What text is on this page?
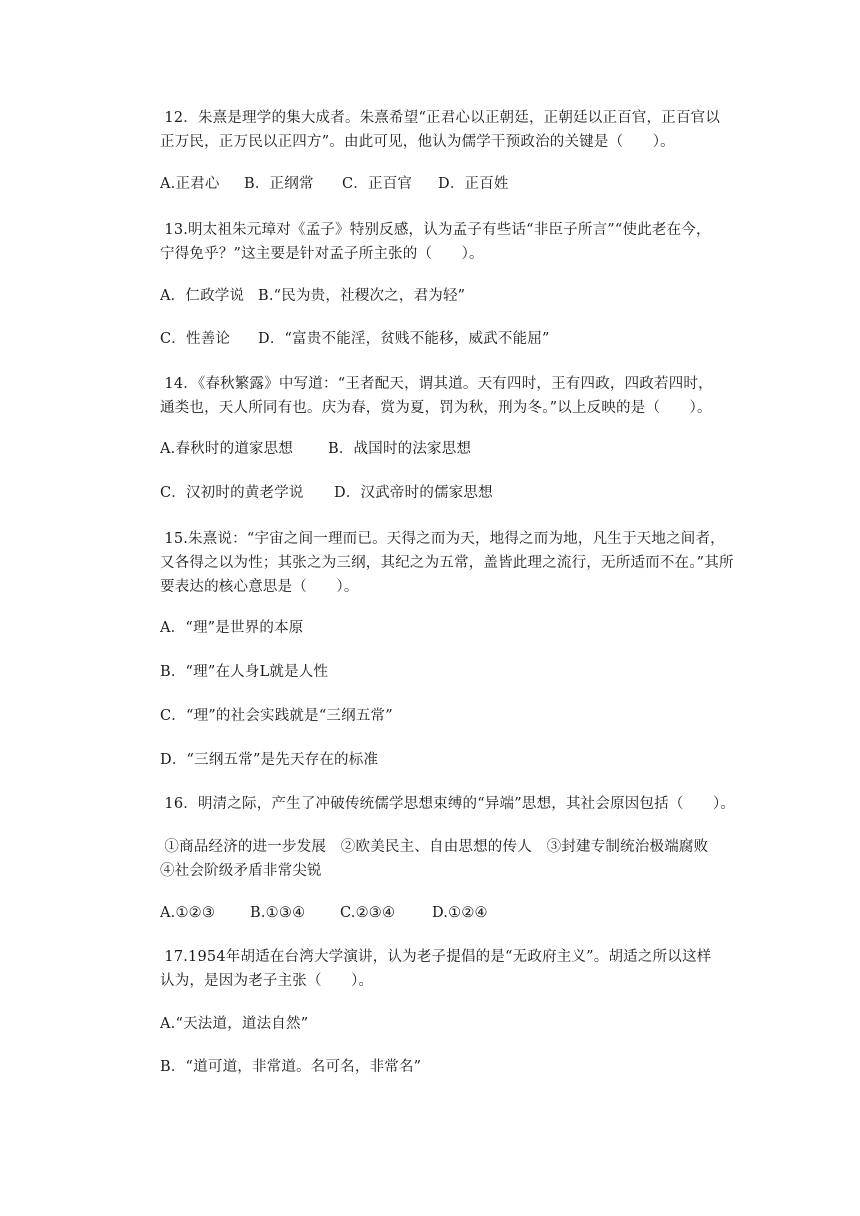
　　12．朱熹是理学的集大成者。朱熹希望“正君心以正朝廷，正朝廷以正百官，正百官以
正万民，正万民以正四方”。由此可见，他认为儒学干预政治的关键是（　　）。
A.正君心 B．正纲常 C．正百官 D．正百姓
　　13.明太祖朱元璋对《孟子》特别反感，认为孟子有些话“非臣子所言”“使此老在今，
宁得免乎？”这主要是针对孟子所主张的（　　）。
A．仁政学说 B.“民为贵，社稷次之，君为轻”
C．性善论 D．“富贵不能淫，贫贱不能移，威武不能屈”
　　14．《春秋繁露》中写道：“王者配天，谓其道。天有四时，王有四政，四政若四时，
通类也，天人所同有也。庆为春，赏为夏，罚为秋，刑为冬。”以上反映的是（　　）。
A.春秋时的道家思想 B．战国时的法家思想
C．汉初时的黄老学说 D．汉武帝时的儒家思想
　　15.朱熹说：“宇宙之间一理而已。天得之而为天，地得之而为地，凡生于天地之间者，
又各得之以为性；其张之为三纲，其纪之为五常，盖皆此理之流行，无所适而不在。”其所
要表达的核心意思是（　　）。
A．“理”是世界的本原
B．“理”在人身L就是人性
C．“理”的社会实践就是“三纲五常”
D．“三纲五常”是先天存在的标准
　　16．明清之际，产生了冲破传统儒学思想束缚的“异端”思想，其社会原因包括（　　）。
　　①商品经济的进一步发展　②欧美民主、自由思想的传人　③封建专制统治极端腐败
④社会阶级矛盾非常尖锐
A.①②③ B.①③④ C.②③④	D.①②④
　　17.1954年胡适在台湾大学演讲，认为老子提倡的是“无政府主义”。胡适之所以这样
认为，是因为老子主张（　　）。
A.“天法道，道法自然”
B．“道可道，非常道。名可名，非常名”
